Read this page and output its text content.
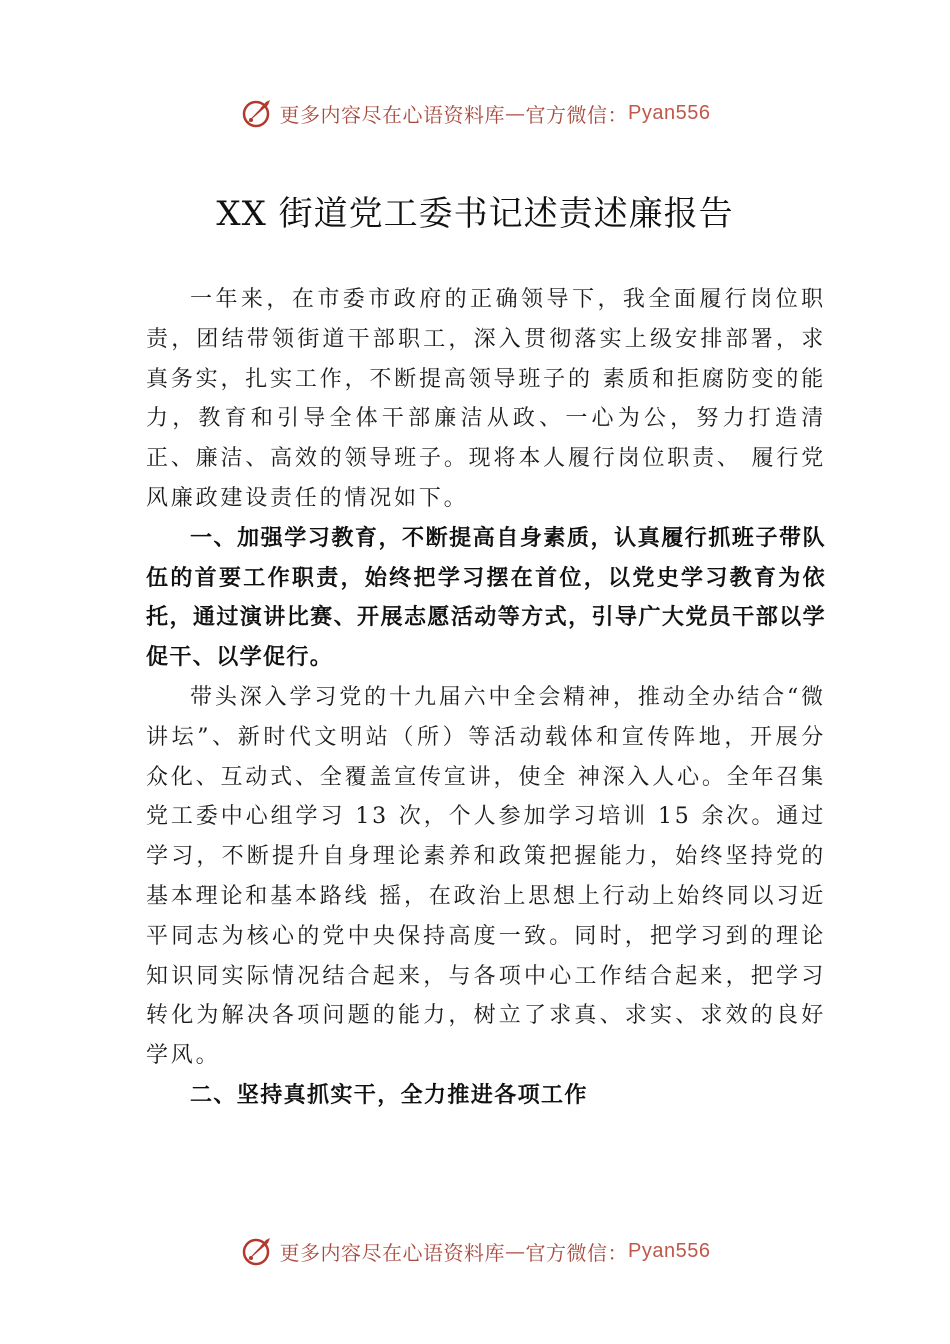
更多内容尽在心语资料库 — 官方微信： Pyan556
XX 街道党工委书记述责述廉报告

一年来，在市委市政府的正确领导下，我全面履行岗位职责，团结带领街道干部职工，深入贯彻落实上级安排部署，求真务实，扎实工作，不断提高领导班子的 素质和拒腐防变的能力，教育和引导全体干部廉洁从政、一心为公，努力打造清正、廉洁、高效的领导班子。现将本人履行岗位职责、 履行党风廉政建设责任的情况如下。

一、加强学习教育，不断提高自身素质，认真履行抓班子带队伍的首要工作职责，始终把学习摆在首位，以党史学习教育为依托，通过演讲比赛、开展志愿活动等方式，引导广大党员干部以学促干、以学促行。

带头深入学习党的十九届六中全会精神，推动全办结合“微讲坛”、新时代文明站（所）等活动载体和宣传阵地，开展分众化、互动式、全覆盖宣传宣讲，使全 神深入人心。全年召集党工委中心组学习 13 次，个人参加学习培训 15 余次。通过学习，不断提升自身理论素养和政策把握能力，始终坚持党的基本理论和基本路线 摇，在政治上思想上行动上始终同以习近平同志为核心的党中央保持高度一致。同时，把学习到的理论知识同实际情况结合起来，与各项中心工作结合起来，把学习 转化为解决各项问题的能力，树立了求真、求实、求效的良好学风。

二、坚持真抓实干，全力推进各项工作

更多内容尽在心语资料库 — 官方微信： Pyan556
